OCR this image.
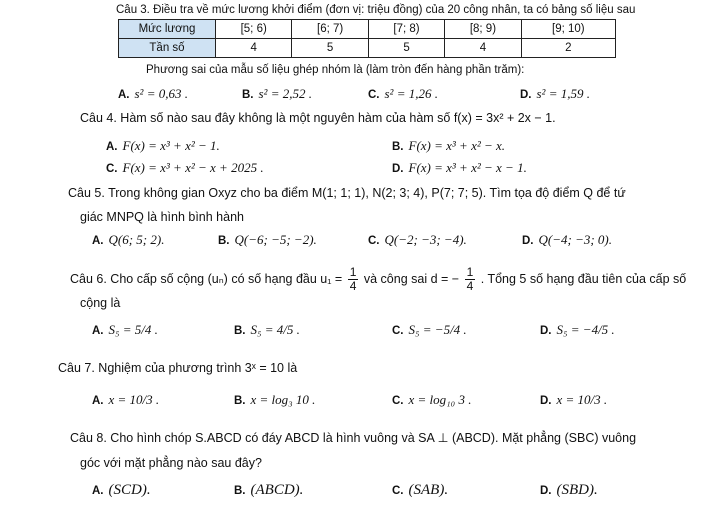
Câu 3. Điều tra về mức lương khởi điểm (đơn vị: triệu đồng) của 20 công nhân, ta có bảng số liệu sau
Mức lương	[5; 6)	[6; 7)	[7; 8)	[8; 9)	[9; 10)
Tần số	4	5	5	4	2
Phương sai của mẫu số liệu ghép nhóm là (làm tròn đến hàng phần trăm):
A. s² = 0,63 .	B. s² = 2,52 .	C. s² = 1,26 .	D. s² = 1,59 .
Câu 4. Hàm số nào sau đây không là một nguyên hàm của hàm số f(x) = 3x² + 2x − 1.
A. F(x) = x³ + x² − 1.	B. F(x) = x³ + x² − x.
C. F(x) = x³ + x² − x + 2025 .	D. F(x) = x³ + x² − x − 1.
Câu 5. Trong không gian Oxyz cho ba điểm M(1; 1; 1), N(2; 3; 4), P(7; 7; 5). Tìm tọa độ điểm Q để tứ
giác MNPQ là hình bình hành
A. Q(6; 5; 2).	B. Q(−6; −5; −2).	C. Q(−2; −3; −4).	D. Q(−4; −3; 0).
Câu 6. Cho cấp số cộng (uₙ) có số hạng đầu $u_1 = \frac{1}{4}$ và công sai d = − $\frac{1}{4}$ . Tổng 5 số hạng đầu tiên của cấp số
cộng là
A. S₅ = 5/4 .	B. S₅ = 4/5 .	C. S₅ = −5/4 .	D. S₅ = −4/5 .
Câu 7. Nghiệm của phương trình 3ˣ = 10 là
A. x = 10/3 .	B. x = log₃ 10 .	C. x = log₁₀ 3 .	D. x = 10/3 .
Câu 8. Cho hình chóp S.ABCD có đáy ABCD là hình vuông và SA ⊥ (ABCD). Mặt phẳng (SBC) vuông
góc với mặt phẳng nào sau đây?
A. (SCD).	B. (ABCD).	C. (SAB).	D. (SBD).
